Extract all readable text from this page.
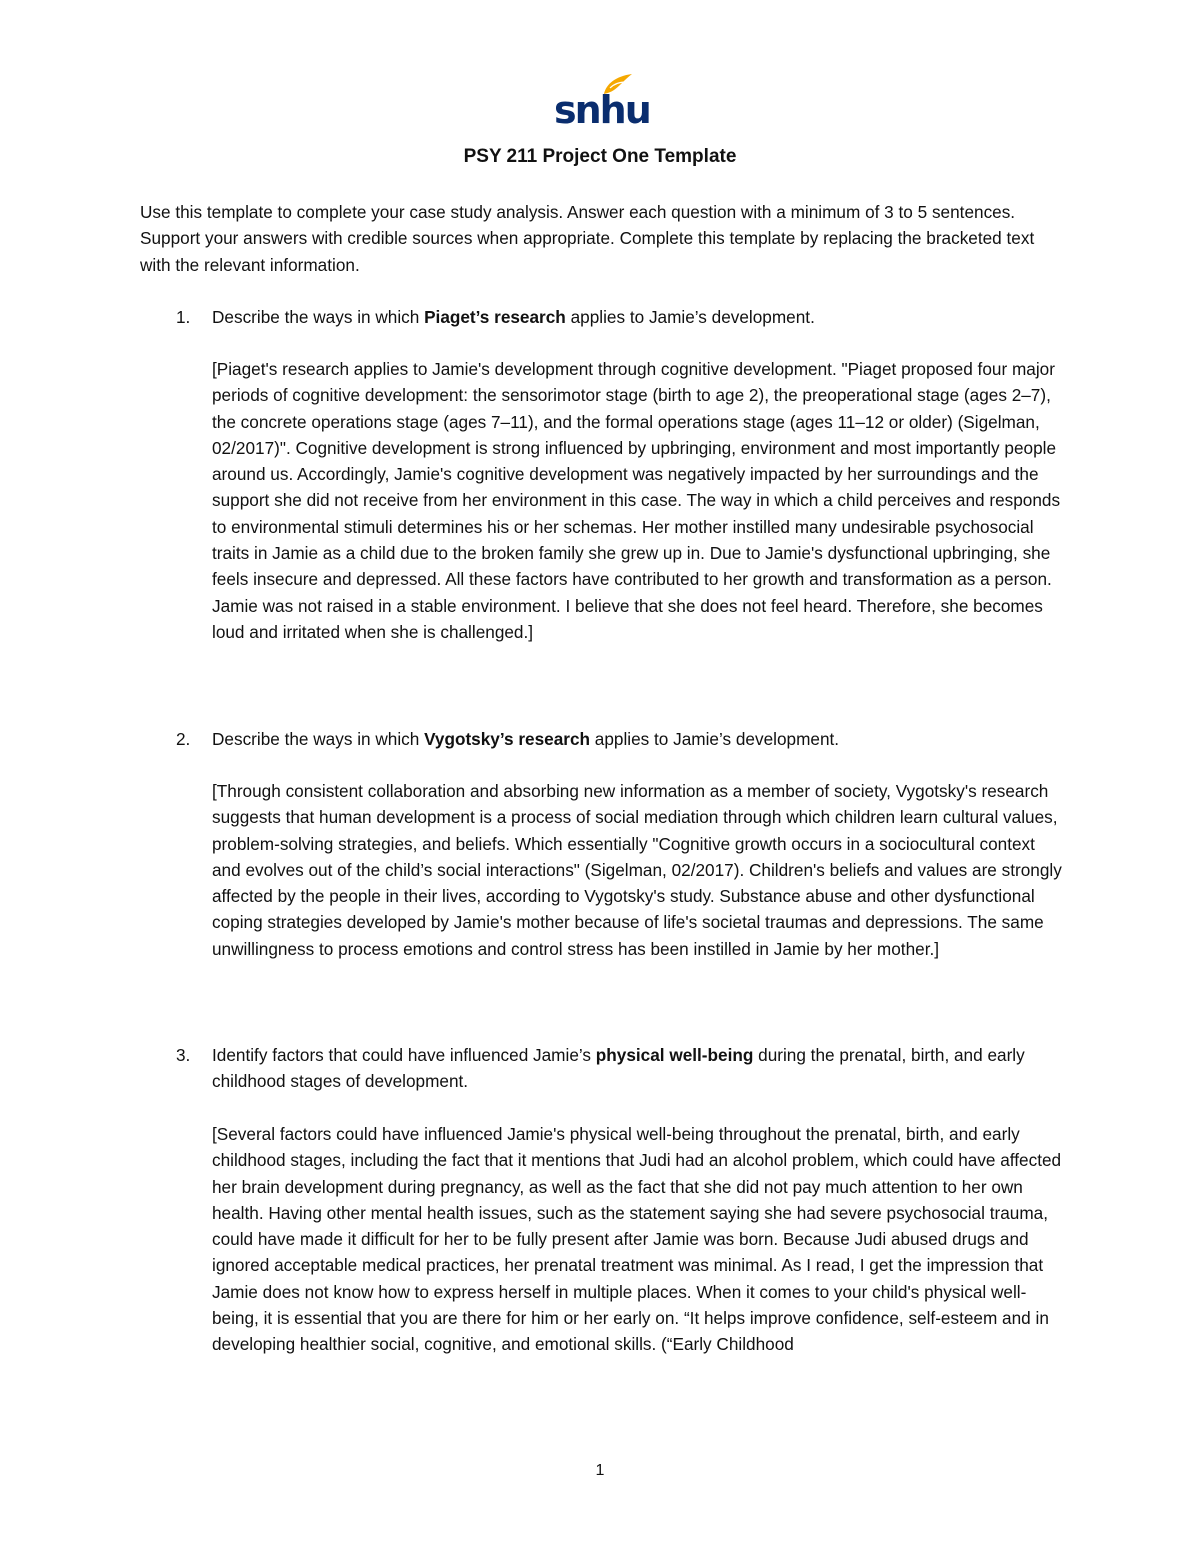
snhu
PSY 211 Project One Template

Use this template to complete your case study analysis. Answer each question with a minimum of 3 to 5 sentences. Support your answers with credible sources when appropriate. Complete this template by replacing the bracketed text with the relevant information.

1.	Describe the ways in which Piaget’s research applies to Jamie’s development.

[Piaget's research applies to Jamie's development through cognitive development. "Piaget proposed four major periods of cognitive development: the sensorimotor stage (birth to age 2), the preoperational stage (ages 2–7), the concrete operations stage (ages 7–11), and the formal operations stage (ages 11–12 or older) (Sigelman, 02/2017)". Cognitive development is strong influenced by upbringing, environment and most importantly people around us. Accordingly, Jamie's cognitive development was negatively impacted by her surroundings and the support she did not receive from her environment in this case. The way in which a child perceives and responds to environmental stimuli determines his or her schemas. Her mother instilled many undesirable psychosocial traits in Jamie as a child due to the broken family she grew up in. Due to Jamie's dysfunctional upbringing, she feels insecure and depressed. All these factors have contributed to her growth and transformation as a person. Jamie was not raised in a stable environment. I believe that she does not feel heard. Therefore, she becomes loud and irritated when she is challenged.]

2.	Describe the ways in which Vygotsky’s research applies to Jamie’s development.

[Through consistent collaboration and absorbing new information as a member of society, Vygotsky's research suggests that human development is a process of social mediation through which children learn cultural values, problem-solving strategies, and beliefs. Which essentially "Cognitive growth occurs in a sociocultural context and evolves out of the child’s social interactions" (Sigelman, 02/2017). Children's beliefs and values are strongly affected by the people in their lives, according to Vygotsky's study. Substance abuse and other dysfunctional coping strategies developed by Jamie's mother because of life's societal traumas and depressions. The same unwillingness to process emotions and control stress has been instilled in Jamie by her mother.]

3.	Identify factors that could have influenced Jamie’s physical well-being during the prenatal, birth, and early childhood stages of development.

[Several factors could have influenced Jamie's physical well-being throughout the prenatal, birth, and early childhood stages, including the fact that it mentions that Judi had an alcohol problem, which could have affected her brain development during pregnancy, as well as the fact that she did not pay much attention to her own health. Having other mental health issues, such as the statement saying she had severe psychosocial trauma, could have made it difficult for her to be fully present after Jamie was born. Because Judi abused drugs and ignored acceptable medical practices, her prenatal treatment was minimal. As I read, I get the impression that Jamie does not know how to express herself in multiple places. When it comes to your child's physical well-being, it is essential that you are there for him or her early on. “It helps improve confidence, self-esteem and in developing healthier social, cognitive, and emotional skills. (“Early Childhood

1
